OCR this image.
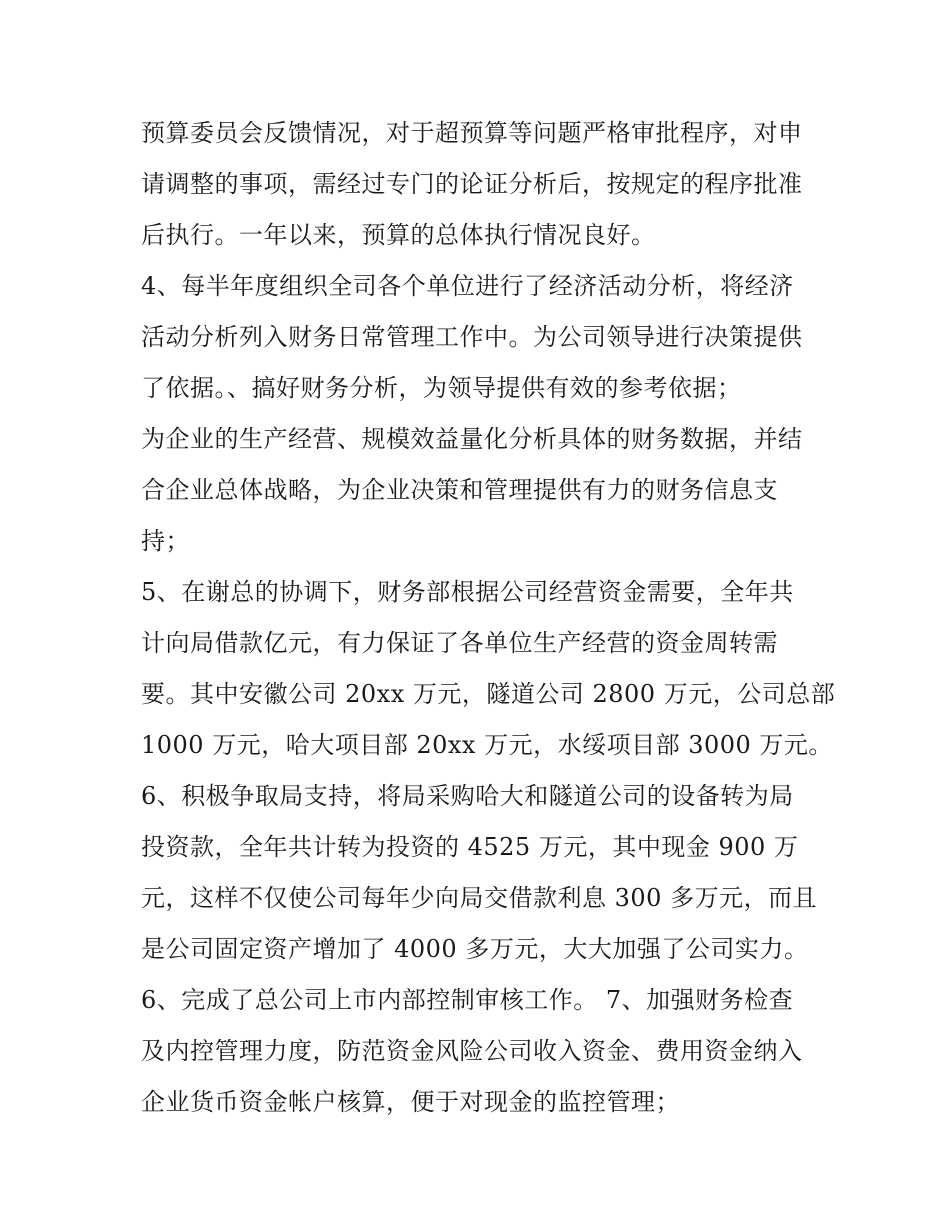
预算委员会反馈情况，对于超预算等问题严格审批程序，对申
请调整的事项，需经过专门的论证分析后，按规定的程序批准
后执行。一年以来，预算的总体执行情况良好。
4、每半年度组织全司各个单位进行了经济活动分析，将经济
活动分析列入财务日常管理工作中。为公司领导进行决策提供
了依据。、搞好财务分析，为领导提供有效的参考依据；
为企业的生产经营、规模效益量化分析具体的财务数据，并结
合企业总体战略，为企业决策和管理提供有力的财务信息支
持；
5、在谢总的协调下，财务部根据公司经营资金需要，全年共
计向局借款亿元，有力保证了各单位生产经营的资金周转需
要。其中安徽公司 20xx 万元，隧道公司 2800 万元，公司总部
1000 万元，哈大项目部 20xx 万元，水绥项目部 3000 万元。
6、积极争取局支持，将局采购哈大和隧道公司的设备转为局
投资款，全年共计转为投资的 4525 万元，其中现金 900 万
元，这样不仅使公司每年少向局交借款利息 300 多万元，而且
是公司固定资产增加了 4000 多万元，大大加强了公司实力。
6、完成了总公司上市内部控制审核工作。 7、加强财务检查
及内控管理力度，防范资金风险公司收入资金、费用资金纳入
企业货币资金帐户核算，便于对现金的监控管理；
